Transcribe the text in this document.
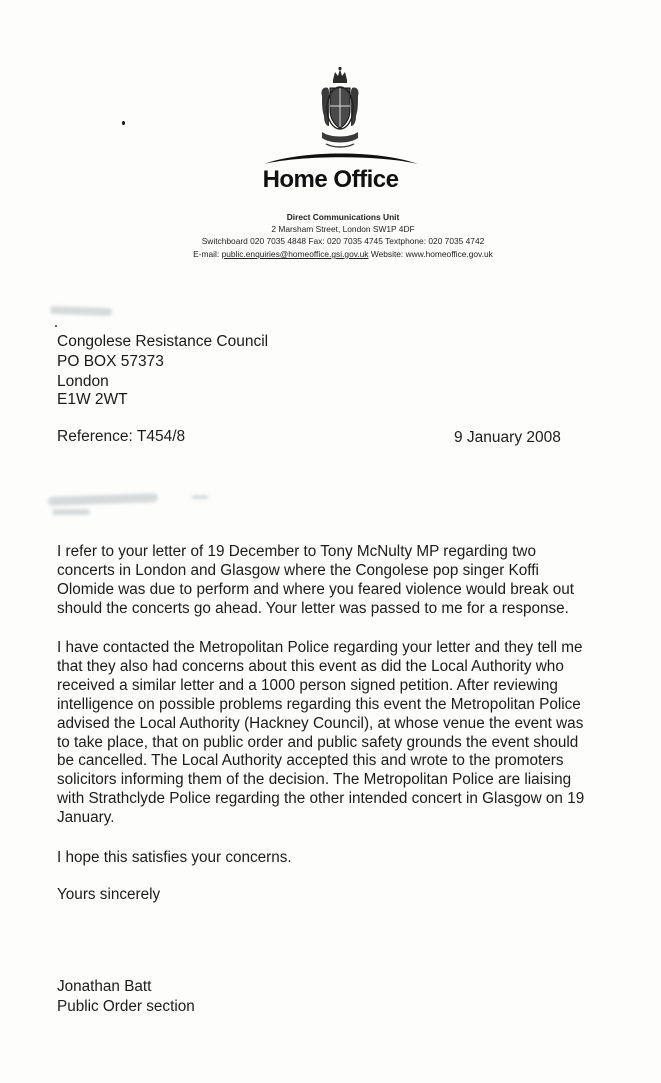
Home Office
Direct Communications Unit
2 Marsham Street, London SW1P 4DF
Switchboard 020 7035 4848 Fax: 020 7035 4745 Textphone: 020 7035 4742
E-mail: public.enquiries@homeoffice.gsi.gov.uk Website: www.homeoffice.gov.uk
Congolese Resistance Council
PO BOX 57373
London
E1W 2WT
Reference: T454/8	9 January 2008
I refer to your letter of 19 December to Tony McNulty MP regarding two
concerts in London and Glasgow where the Congolese pop singer Koffi
Olomide was due to perform and where you feared violence would break out
should the concerts go ahead. Your letter was passed to me for a response.
I have contacted the Metropolitan Police regarding your letter and they tell me
that they also had concerns about this event as did the Local Authority who
received a similar letter and a 1000 person signed petition. After reviewing
intelligence on possible problems regarding this event the Metropolitan Police
advised the Local Authority (Hackney Council), at whose venue the event was
to take place, that on public order and public safety grounds the event should
be cancelled. The Local Authority accepted this and wrote to the promoters
solicitors informing them of the decision. The Metropolitan Police are liaising
with Strathclyde Police regarding the other intended concert in Glasgow on 19
January.
I hope this satisfies your concerns.
Yours sincerely
Jonathan Batt
Public Order section
